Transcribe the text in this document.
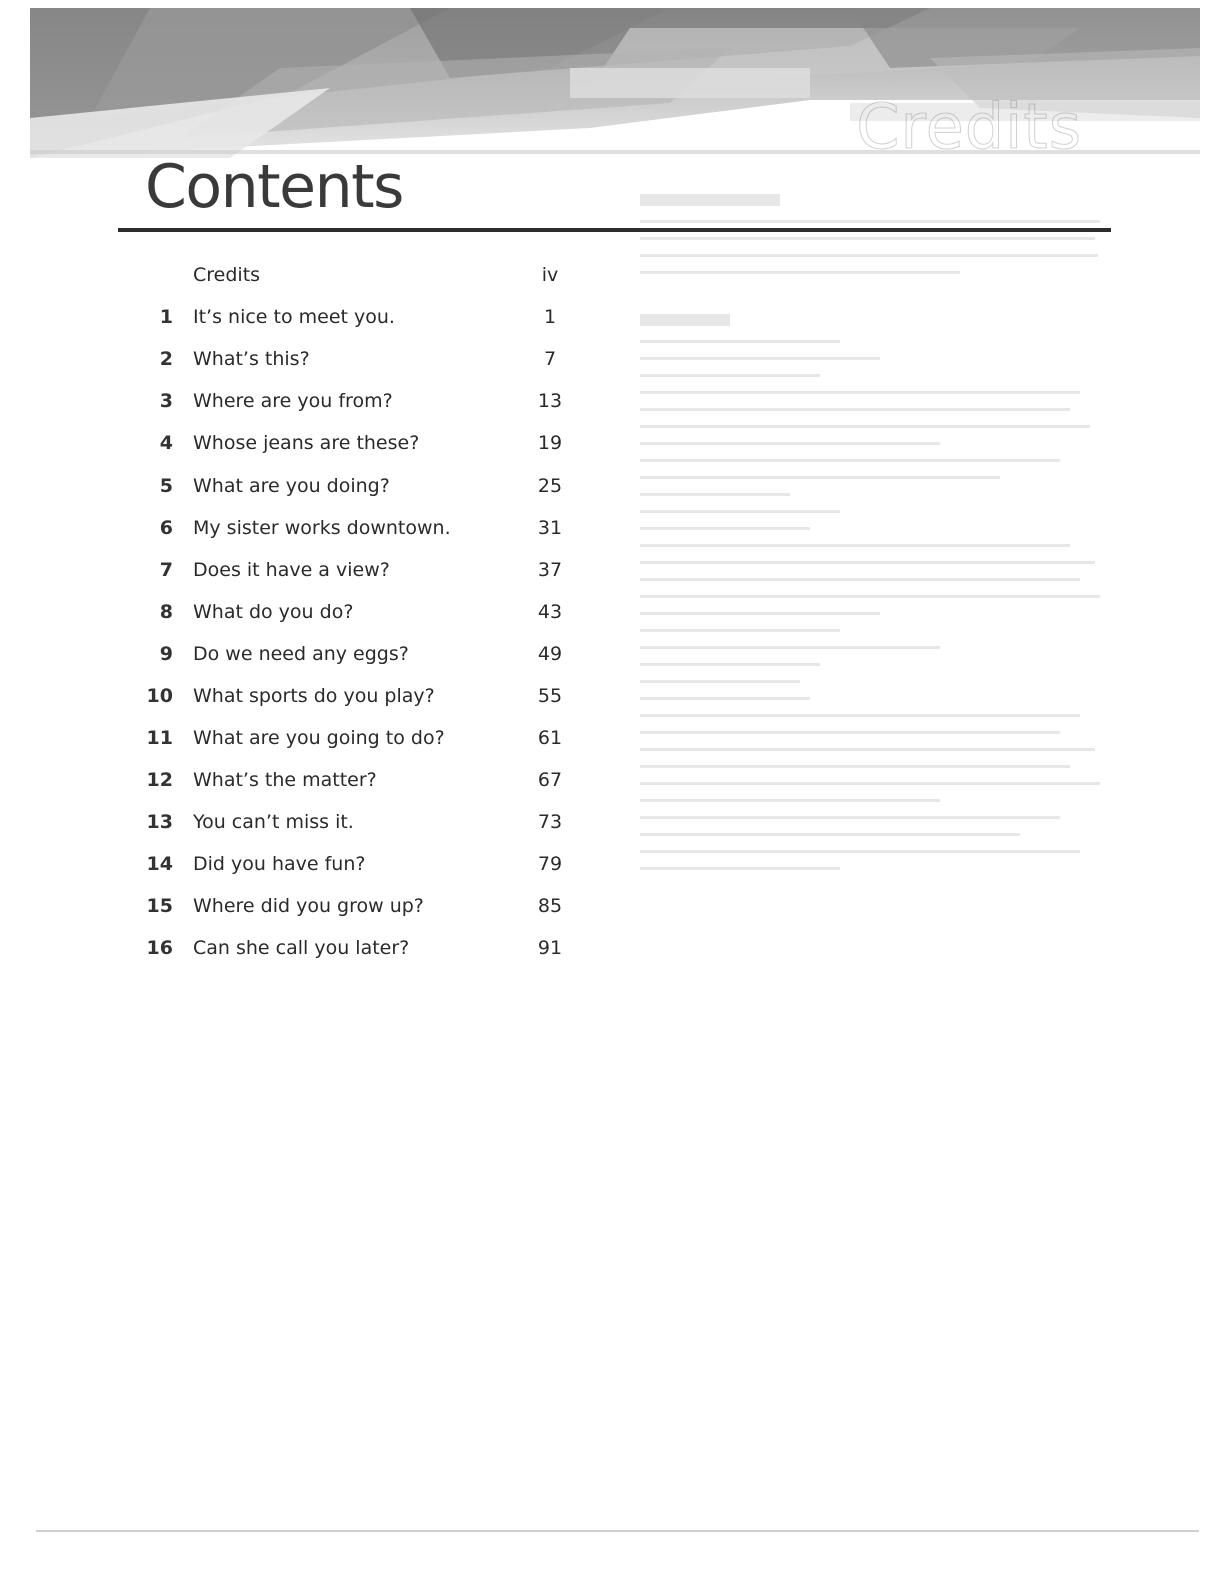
Credits
Contents
Credits	iv
1 It’s nice to meet you.	1
2 What’s this?	7
3 Where are you from?	13
4 Whose jeans are these?	19
5 What are you doing?	25
6 My sister works downtown.	31
7 Does it have a view?	37
8 What do you do?	43
9 Do we need any eggs?	49
10 What sports do you play?	55
11 What are you going to do?	61
12 What’s the matter?	67
13 You can’t miss it.	73
14 Did you have fun?	79
15 Where did you grow up?	85
16 Can she call you later?	91
